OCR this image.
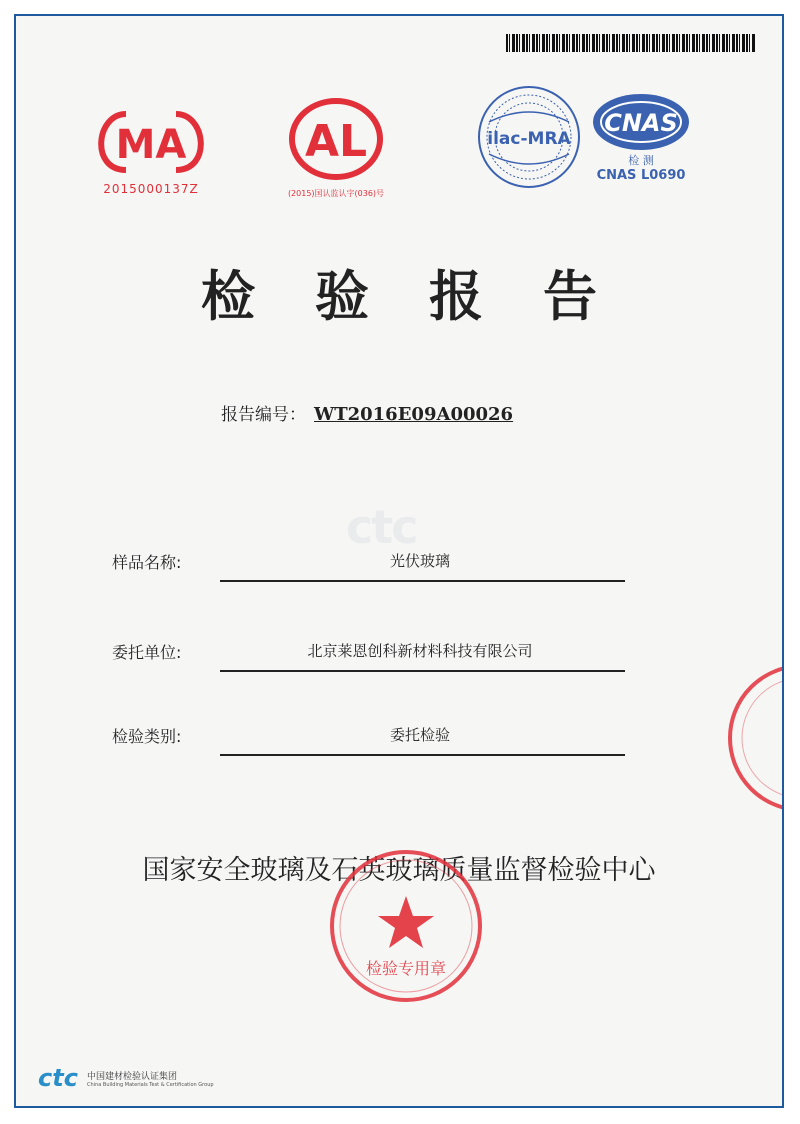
MA
2015000137Z
AL
(2015)国认监认字(036)号
ilac-MRA
CNAS
检 测
CNAS L0690
检验报告
报告编号： WT2016E09A00026
ctc
样品名称:	光伏玻璃
委托单位:	北京莱恩创科新材料科技有限公司
检验类别:	委托检验
国家安全玻璃及石英玻璃质量监督检验中心
检验专用章
ctc 中国建材检验认证集团
China Building Materials Test & Certification Group
